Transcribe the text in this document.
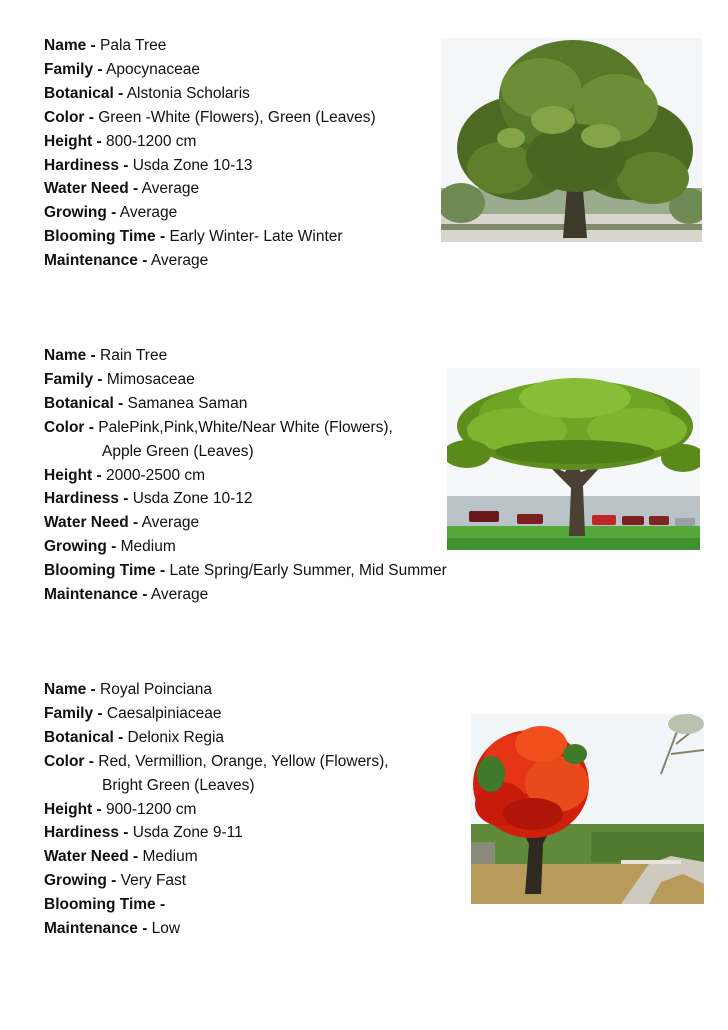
Name - Pala Tree
Family - Apocynaceae
Botanical - Alstonia Scholaris
Color - Green -White (Flowers), Green (Leaves)
Height - 800-1200 cm
Hardiness - Usda Zone 10-13
Water Need - Average
Growing - Average
Blooming Time - Early Winter- Late Winter
Maintenance - Average
Name - Rain Tree
Family - Mimosaceae
Botanical - Samanea Saman
Color - PalePink,Pink,White/Near White (Flowers),
Apple Green (Leaves)
Height - 2000-2500 cm
Hardiness - Usda Zone 10-12
Water Need - Average
Growing - Medium
Blooming Time - Late Spring/Early Summer, Mid Summer
Maintenance - Average
Name - Royal Poinciana
Family - Caesalpiniaceae
Botanical - Delonix Regia
Color - Red, Vermillion, Orange, Yellow (Flowers),
Bright Green (Leaves)
Height - 900-1200 cm
Hardiness - Usda Zone 9-11
Water Need - Medium
Growing - Very Fast
Blooming Time -
Maintenance - Low
